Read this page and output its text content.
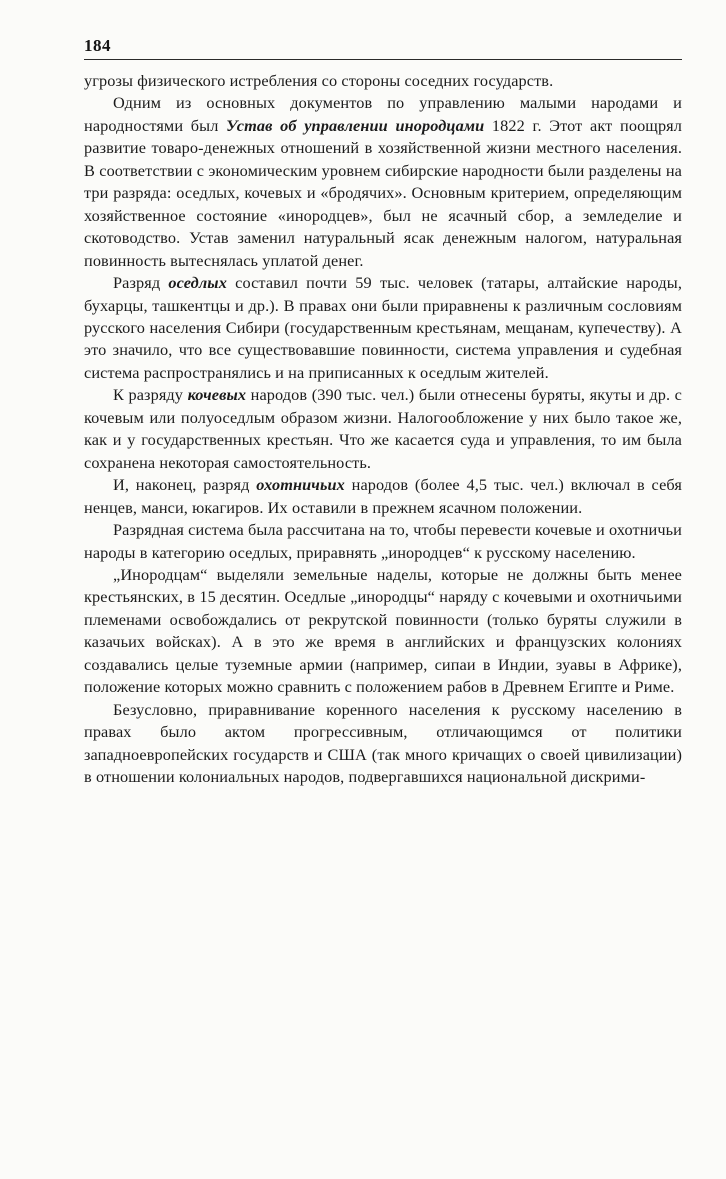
184

угрозы физического истребления со стороны соседних государств.

Одним из основных документов по управлению малыми народами и народностями был Устав об управлении инородцами 1822 г. Этот акт поощрял развитие товаро-денежных отношений в хозяйственной жизни местного населения. В соответствии с экономическим уровнем сибирские народности были разделены на три разряда: оседлых, кочевых и «бродячих». Основным критерием, определяющим хозяйственное состояние «инородцев», был не ясачный сбор, а земледелие и скотоводство. Устав заменил натуральный ясак денежным налогом, натуральная повинность вытеснялась уплатой денег.

Разряд оседлых составил почти 59 тыс. человек (татары, алтайские народы, бухарцы, ташкентцы и др.). В правах они были приравнены к различным сословиям русского населения Сибири (государственным крестьянам, мещанам, купечеству). А это значило, что все существовавшие повинности, система управления и судебная система распространялись и на приписанных к оседлым жителей.

К разряду кочевых народов (390 тыс. чел.) были отнесены буряты, якуты и др. с кочевым или полуоседлым образом жизни. Налогообложение у них было такое же, как и у государственных крестьян. Что же касается суда и управления, то им была сохранена некоторая самостоятельность.

И, наконец, разряд охотничьих народов (более 4,5 тыс. чел.) включал в себя ненцев, манси, юкагиров. Их оставили в прежнем ясачном положении.

Разрядная система была рассчитана на то, чтобы перевести кочевые и охотничьи народы в категорию оседлых, приравнять „инородцев“ к русскому населению.

„Инородцам“ выделяли земельные наделы, которые не должны быть менее крестьянских, в 15 десятин. Оседлые „инородцы“ наряду с кочевыми и охотничьими племенами освобождались от рекрутской повинности (только буряты служили в казачьих войсках). А в это же время в английских и французских колониях создавались целые туземные армии (например, сипаи в Индии, зуавы в Африке), положение которых можно сравнить с положением рабов в Древнем Египте и Риме.

Безусловно, приравнивание коренного населения к русскому населению в правах было актом прогрессивным, отличающимся от политики западноевропейских государств и США (так много кричащих о своей цивилизации) в отношении колониальных народов, подвергавшихся национальной дискрими-
